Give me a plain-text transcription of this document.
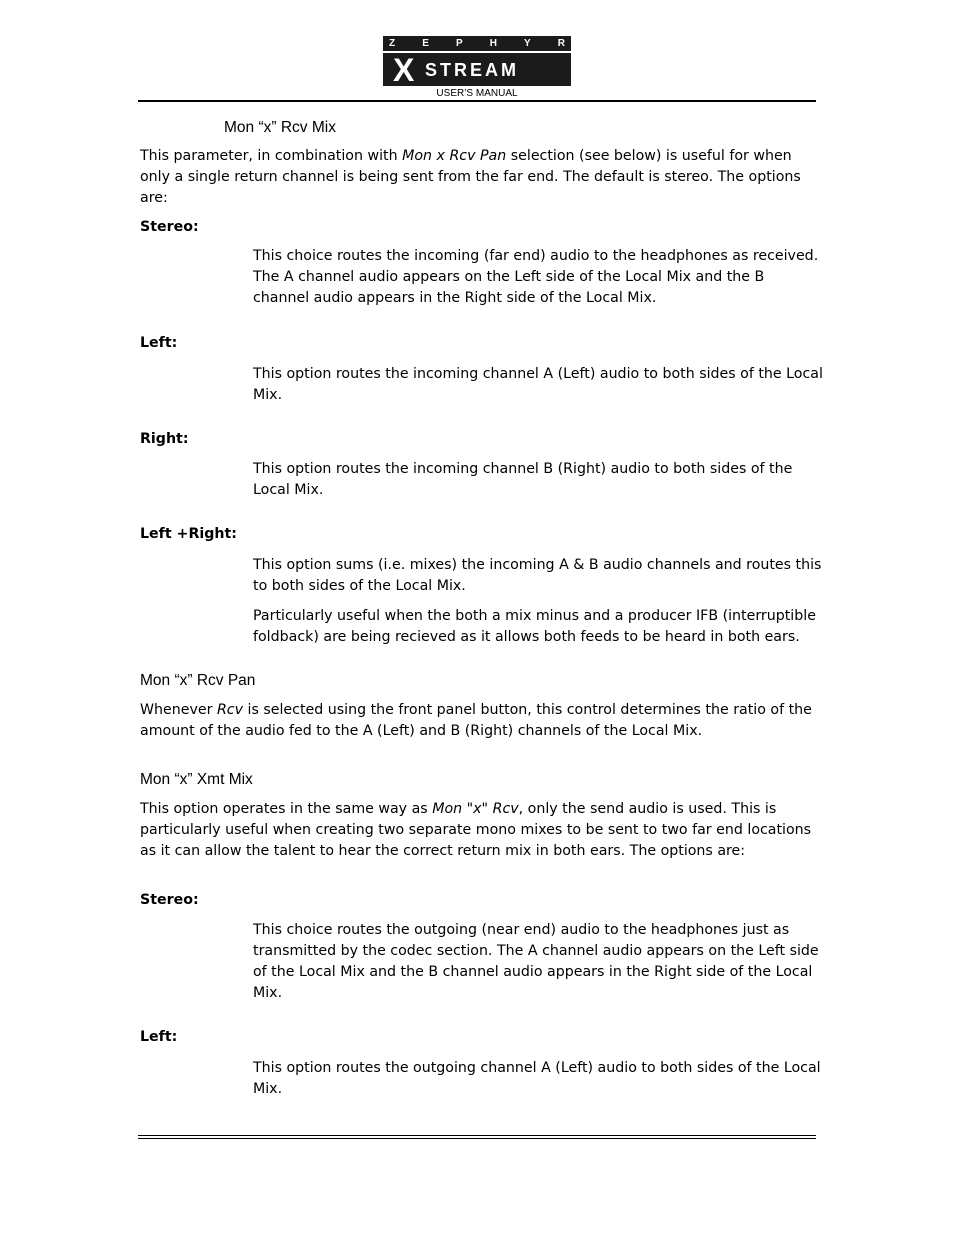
Z	E	P	H	Y	R
X STREAM
USER’S MANUAL
Mon “x” Rcv Mix

This parameter, in combination with Mon x Rcv Pan selection (see below) is useful for when only a single return channel is being sent from the far end. The default is stereo. The options are:

Stereo:

This choice routes the incoming (far end) audio to the headphones as received. The A channel audio appears on the Left side of the Local Mix and the B channel audio appears in the Right side of the Local Mix.

Left:

This option routes the incoming channel A (Left) audio to both sides of the Local Mix.

Right:

This option routes the incoming channel B (Right) audio to both sides of the Local Mix.

Left +Right:

This option sums (i.e. mixes) the incoming A & B audio channels and routes this to both sides of the Local Mix.

Particularly useful when the both a mix minus and a producer IFB (interruptible foldback) are being recieved as it allows both feeds to be heard in both ears.

Mon “x” Rcv Pan

Whenever Rcv is selected using the front panel button, this control determines the ratio of the amount of the audio fed to the A (Left) and B (Right) channels of the Local Mix.

Mon “x” Xmt Mix

This option operates in the same way as Mon "x" Rcv, only the send audio is used. This is particularly useful when creating two separate mono mixes to be sent to two far end locations as it can allow the talent to hear the correct return mix in both ears. The options are:

Stereo:

This choice routes the outgoing (near end) audio to the headphones just as transmitted by the codec section. The A channel audio appears on the Left side of the Local Mix and the B channel audio appears in the Right side of the Local Mix.

Left:

This option routes the outgoing channel A (Left) audio to both sides of the Local Mix.
